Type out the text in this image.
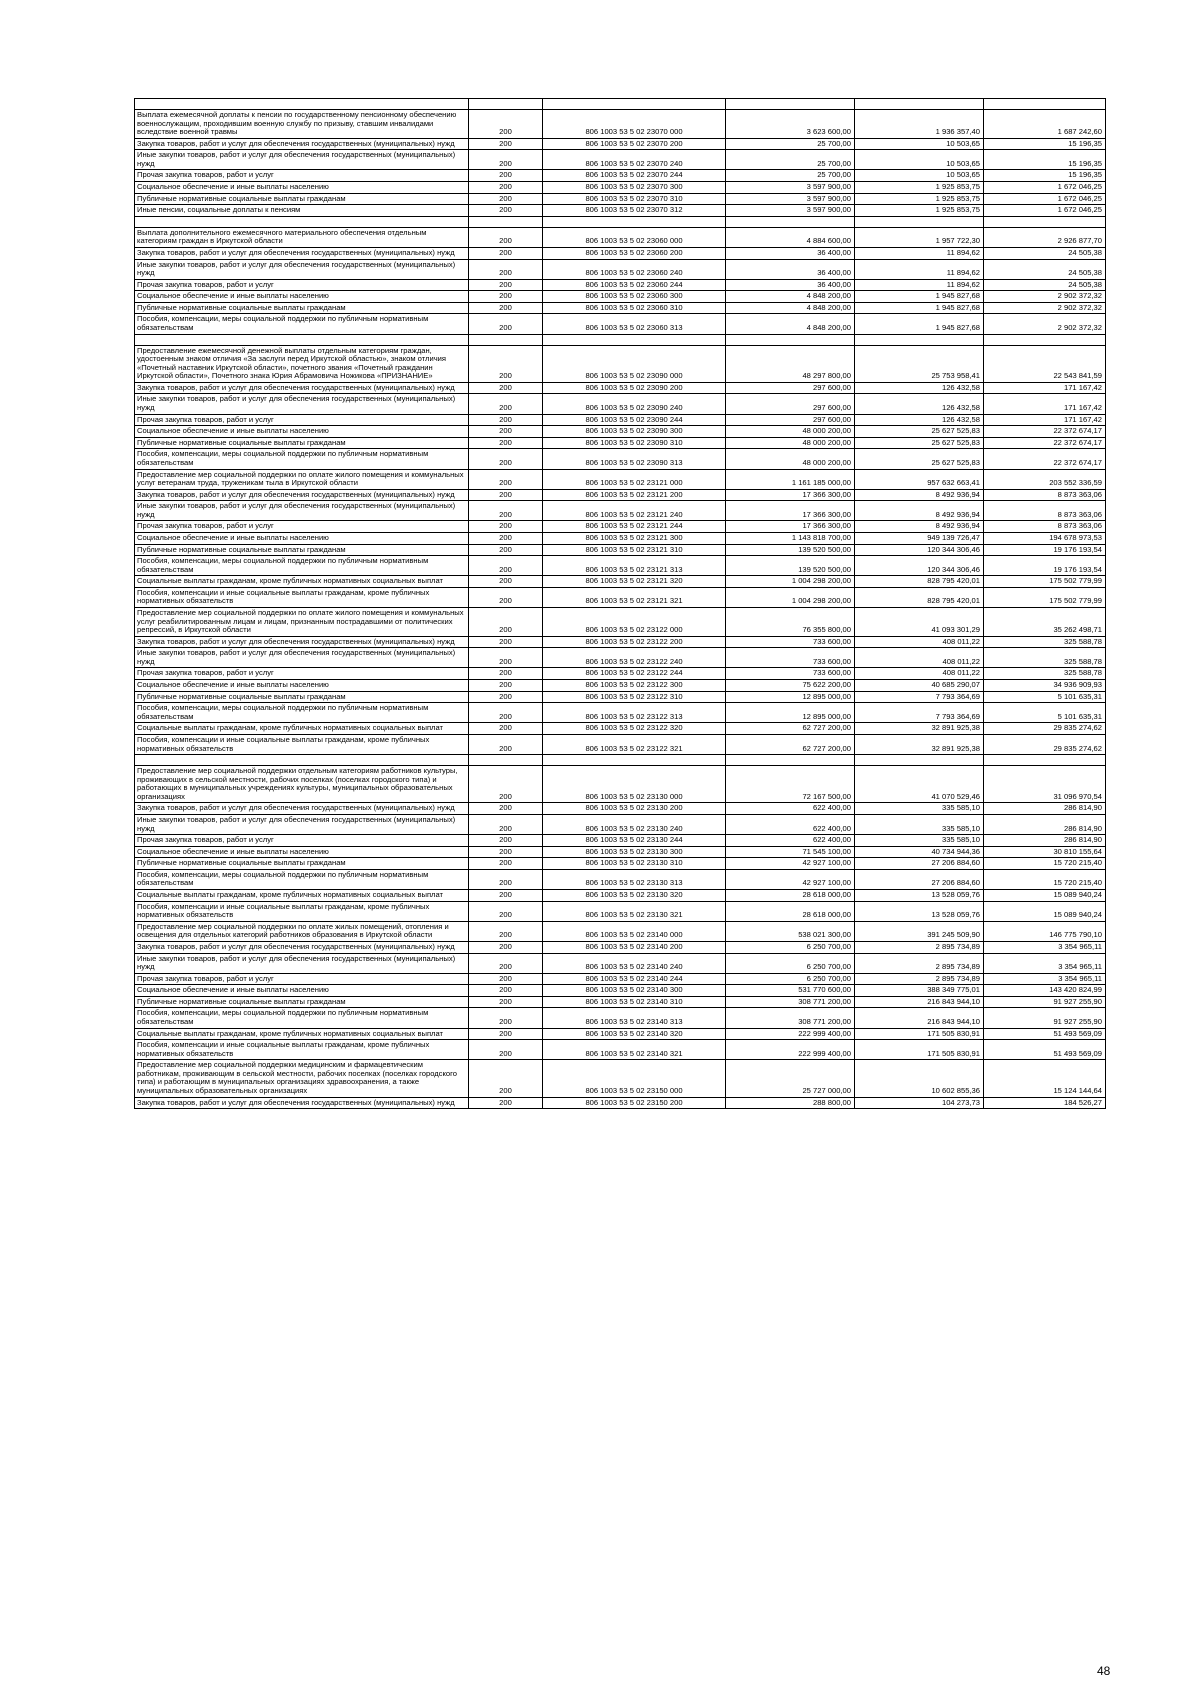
Выплата ежемесячной доплаты к пенсии по государственному пенсионному обеспечению военнослужащим, проходившим военную службу по призыву, ставшим инвалидами вследствие военной травмы	200	806 1003 53 5 02 23070 000	3 623 600,00	1 936 357,40	1 687 242,60
Закупка товаров, работ и услуг для обеспечения государственных (муниципальных) нужд	200	806 1003 53 5 02 23070 200	25 700,00	10 503,65	15 196,35
Иные закупки товаров, работ и услуг для обеспечения государственных (муниципальных) нужд	200	806 1003 53 5 02 23070 240	25 700,00	10 503,65	15 196,35
Прочая закупка товаров, работ и услуг	200	806 1003 53 5 02 23070 244	25 700,00	10 503,65	15 196,35
Социальное обеспечение и иные выплаты населению	200	806 1003 53 5 02 23070 300	3 597 900,00	1 925 853,75	1 672 046,25
Публичные нормативные социальные выплаты гражданам	200	806 1003 53 5 02 23070 310	3 597 900,00	1 925 853,75	1 672 046,25
Иные пенсии, социальные доплаты к пенсиям	200	806 1003 53 5 02 23070 312	3 597 900,00	1 925 853,75	1 672 046,25

Выплата дополнительного ежемесячного материального обеспечения отдельным категориям граждан в Иркутской области	200	806 1003 53 5 02 23060 000	4 884 600,00	1 957 722,30	2 926 877,70
Закупка товаров, работ и услуг для обеспечения государственных (муниципальных) нужд	200	806 1003 53 5 02 23060 200	36 400,00	11 894,62	24 505,38
Иные закупки товаров, работ и услуг для обеспечения государственных (муниципальных) нужд	200	806 1003 53 5 02 23060 240	36 400,00	11 894,62	24 505,38
Прочая закупка товаров, работ и услуг	200	806 1003 53 5 02 23060 244	36 400,00	11 894,62	24 505,38
Социальное обеспечение и иные выплаты населению	200	806 1003 53 5 02 23060 300	4 848 200,00	1 945 827,68	2 902 372,32
Публичные нормативные социальные выплаты гражданам	200	806 1003 53 5 02 23060 310	4 848 200,00	1 945 827,68	2 902 372,32
Пособия, компенсации, меры социальной поддержки по публичным нормативным обязательствам	200	806 1003 53 5 02 23060 313	4 848 200,00	1 945 827,68	2 902 372,32

Предоставление ежемесячной денежной выплаты отдельным категориям граждан, удостоенным знаком отличия «За заслуги перед Иркутской областью», знаком отличия «Почетный наставник Иркутской области», почетного звания «Почетный гражданин Иркутской области», Почетного знака Юрия Абрамовича Ножикова «ПРИЗНАНИЕ»	200	806 1003 53 5 02 23090 000	48 297 800,00	25 753 958,41	22 543 841,59
Закупка товаров, работ и услуг для обеспечения государственных (муниципальных) нужд	200	806 1003 53 5 02 23090 200	297 600,00	126 432,58	171 167,42
Иные закупки товаров, работ и услуг для обеспечения государственных (муниципальных) нужд	200	806 1003 53 5 02 23090 240	297 600,00	126 432,58	171 167,42
Прочая закупка товаров, работ и услуг	200	806 1003 53 5 02 23090 244	297 600,00	126 432,58	171 167,42
Социальное обеспечение и иные выплаты населению	200	806 1003 53 5 02 23090 300	48 000 200,00	25 627 525,83	22 372 674,17
Публичные нормативные социальные выплаты гражданам	200	806 1003 53 5 02 23090 310	48 000 200,00	25 627 525,83	22 372 674,17
Пособия, компенсации, меры социальной поддержки по публичным нормативным обязательствам	200	806 1003 53 5 02 23090 313	48 000 200,00	25 627 525,83	22 372 674,17
Предоставление мер социальной поддержки по оплате жилого помещения и коммунальных услуг ветеранам труда, труженикам тыла в Иркутской области	200	806 1003 53 5 02 23121 000	1 161 185 000,00	957 632 663,41	203 552 336,59
Закупка товаров, работ и услуг для обеспечения государственных (муниципальных) нужд	200	806 1003 53 5 02 23121 200	17 366 300,00	8 492 936,94	8 873 363,06
Иные закупки товаров, работ и услуг для обеспечения государственных (муниципальных) нужд	200	806 1003 53 5 02 23121 240	17 366 300,00	8 492 936,94	8 873 363,06
Прочая закупка товаров, работ и услуг	200	806 1003 53 5 02 23121 244	17 366 300,00	8 492 936,94	8 873 363,06
Социальное обеспечение и иные выплаты населению	200	806 1003 53 5 02 23121 300	1 143 818 700,00	949 139 726,47	194 678 973,53
Публичные нормативные социальные выплаты гражданам	200	806 1003 53 5 02 23121 310	139 520 500,00	120 344 306,46	19 176 193,54
Пособия, компенсации, меры социальной поддержки по публичным нормативным обязательствам	200	806 1003 53 5 02 23121 313	139 520 500,00	120 344 306,46	19 176 193,54
Социальные выплаты гражданам, кроме публичных нормативных социальных выплат	200	806 1003 53 5 02 23121 320	1 004 298 200,00	828 795 420,01	175 502 779,99
Пособия, компенсации и иные социальные выплаты гражданам, кроме публичных нормативных обязательств	200	806 1003 53 5 02 23121 321	1 004 298 200,00	828 795 420,01	175 502 779,99
Предоставление мер социальной поддержки по оплате жилого помещения и коммунальных услуг реабилитированным лицам и лицам, признанным пострадавшими от политических репрессий, в Иркутской области	200	806 1003 53 5 02 23122 000	76 355 800,00	41 093 301,29	35 262 498,71
Закупка товаров, работ и услуг для обеспечения государственных (муниципальных) нужд	200	806 1003 53 5 02 23122 200	733 600,00	408 011,22	325 588,78
Иные закупки товаров, работ и услуг для обеспечения государственных (муниципальных) нужд	200	806 1003 53 5 02 23122 240	733 600,00	408 011,22	325 588,78
Прочая закупка товаров, работ и услуг	200	806 1003 53 5 02 23122 244	733 600,00	408 011,22	325 588,78
Социальное обеспечение и иные выплаты населению	200	806 1003 53 5 02 23122 300	75 622 200,00	40 685 290,07	34 936 909,93
Публичные нормативные социальные выплаты гражданам	200	806 1003 53 5 02 23122 310	12 895 000,00	7 793 364,69	5 101 635,31
Пособия, компенсации, меры социальной поддержки по публичным нормативным обязательствам	200	806 1003 53 5 02 23122 313	12 895 000,00	7 793 364,69	5 101 635,31
Социальные выплаты гражданам, кроме публичных нормативных социальных выплат	200	806 1003 53 5 02 23122 320	62 727 200,00	32 891 925,38	29 835 274,62
Пособия, компенсации и иные социальные выплаты гражданам, кроме публичных нормативных обязательств	200	806 1003 53 5 02 23122 321	62 727 200,00	32 891 925,38	29 835 274,62

Предоставление мер социальной поддержки отдельным категориям работников культуры, проживающих в сельской местности, рабочих поселках (поселках городского типа) и работающих в муниципальных учреждениях культуры, муниципальных образовательных организациях	200	806 1003 53 5 02 23130 000	72 167 500,00	41 070 529,46	31 096 970,54
Закупка товаров, работ и услуг для обеспечения государственных (муниципальных) нужд	200	806 1003 53 5 02 23130 200	622 400,00	335 585,10	286 814,90
Иные закупки товаров, работ и услуг для обеспечения государственных (муниципальных) нужд	200	806 1003 53 5 02 23130 240	622 400,00	335 585,10	286 814,90
Прочая закупка товаров, работ и услуг	200	806 1003 53 5 02 23130 244	622 400,00	335 585,10	286 814,90
Социальное обеспечение и иные выплаты населению	200	806 1003 53 5 02 23130 300	71 545 100,00	40 734 944,36	30 810 155,64
Публичные нормативные социальные выплаты гражданам	200	806 1003 53 5 02 23130 310	42 927 100,00	27 206 884,60	15 720 215,40
Пособия, компенсации, меры социальной поддержки по публичным нормативным обязательствам	200	806 1003 53 5 02 23130 313	42 927 100,00	27 206 884,60	15 720 215,40
Социальные выплаты гражданам, кроме публичных нормативных социальных выплат	200	806 1003 53 5 02 23130 320	28 618 000,00	13 528 059,76	15 089 940,24
Пособия, компенсации и иные социальные выплаты гражданам, кроме публичных нормативных обязательств	200	806 1003 53 5 02 23130 321	28 618 000,00	13 528 059,76	15 089 940,24
Предоставление мер социальной поддержки по оплате жилых помещений, отопления и освещения для отдельных категорий работников образования в Иркутской области	200	806 1003 53 5 02 23140 000	538 021 300,00	391 245 509,90	146 775 790,10
Закупка товаров, работ и услуг для обеспечения государственных (муниципальных) нужд	200	806 1003 53 5 02 23140 200	6 250 700,00	2 895 734,89	3 354 965,11
Иные закупки товаров, работ и услуг для обеспечения государственных (муниципальных) нужд	200	806 1003 53 5 02 23140 240	6 250 700,00	2 895 734,89	3 354 965,11
Прочая закупка товаров, работ и услуг	200	806 1003 53 5 02 23140 244	6 250 700,00	2 895 734,89	3 354 965,11
Социальное обеспечение и иные выплаты населению	200	806 1003 53 5 02 23140 300	531 770 600,00	388 349 775,01	143 420 824,99
Публичные нормативные социальные выплаты гражданам	200	806 1003 53 5 02 23140 310	308 771 200,00	216 843 944,10	91 927 255,90
Пособия, компенсации, меры социальной поддержки по публичным нормативным обязательствам	200	806 1003 53 5 02 23140 313	308 771 200,00	216 843 944,10	91 927 255,90
Социальные выплаты гражданам, кроме публичных нормативных социальных выплат	200	806 1003 53 5 02 23140 320	222 999 400,00	171 505 830,91	51 493 569,09
Пособия, компенсации и иные социальные выплаты гражданам, кроме публичных нормативных обязательств	200	806 1003 53 5 02 23140 321	222 999 400,00	171 505 830,91	51 493 569,09
Предоставление мер социальной поддержки медицинским и фармацевтическим работникам, проживающим в сельской местности, рабочих поселках (поселках городского типа) и работающим в муниципальных организациях здравоохранения, а также муниципальных образовательных организациях	200	806 1003 53 5 02 23150 000	25 727 000,00	10 602 855,36	15 124 144,64
Закупка товаров, работ и услуг для обеспечения государственных (муниципальных) нужд	200	806 1003 53 5 02 23150 200	288 800,00	104 273,73	184 526,27
48
